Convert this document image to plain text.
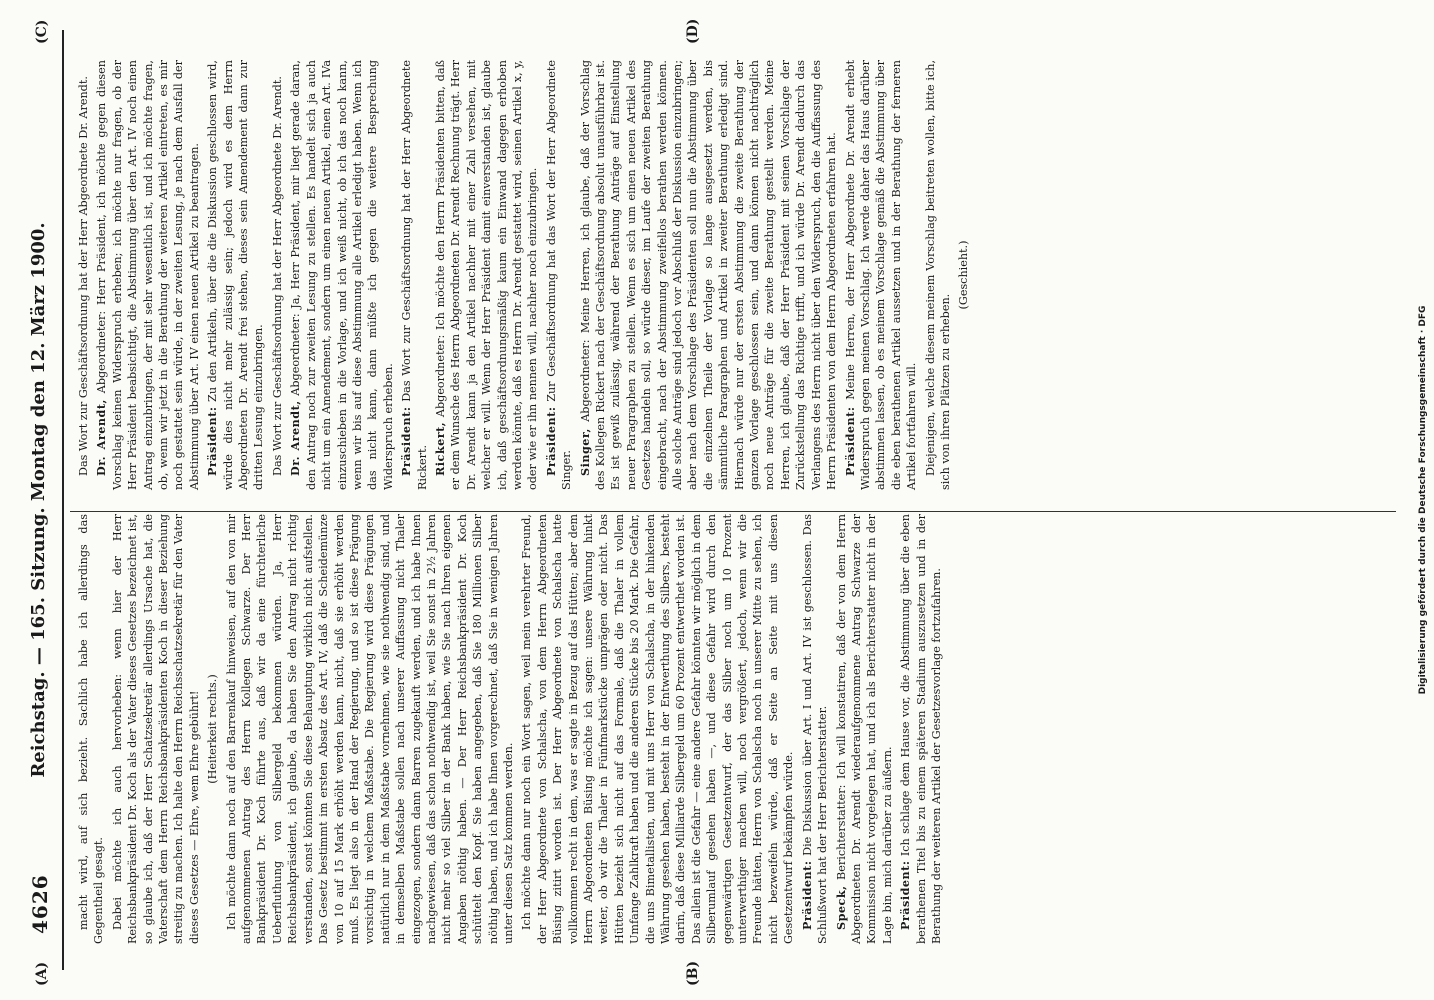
4626
Reichstag. — 165. Sitzung. Montag den 12. März 1900.
(A)	(B)
(C)	(D)

macht wird, auf sich bezieht. Sachlich habe ich allerdings das Gegentheil gesagt. Dabei möchte ich auch hervorheben: wenn hier der Herr Reichsbankpräsident Dr. Koch als der Vater dieses Gesetzes bezeichnet ist, so glaube ich, daß der Herr Schatzsekretär allerdings Ursache hat, die Vaterschaft dem Herrn Reichsbankpräsidenten Koch in dieser Beziehung streitig zu machen. Ich halte den Herrn Reichsschatzsekretär für den Vater dieses Gesetzes — Ehre, wem Ehre gebührt! (Heiterkeit rechts.) Ich möchte dann noch auf den Barrenkauf hinweisen, auf den von mir aufgenommenen Antrag des Herrn Kollegen Schwarze. Der Herr Bankpräsident Dr. Koch führte aus, daß wir da eine fürchterliche Ueberfluthung von Silbergeld bekommen würden. Ja, Herr Reichsbankpräsident, ich glaube, da haben Sie den Antrag nicht richtig verstanden, sonst könnten Sie diese Behauptung wirklich nicht aufstellen. Das Gesetz bestimmt im ersten Absatz des Art. IV, daß die Scheidemünze von 10 auf 15 Mark erhöht werden kann, nicht, daß sie erhöht werden muß. Es liegt also in der Hand der Regierung, und so ist diese Prägung vorsichtig in welchem Maßstabe. Die Regierung wird diese Prägungen natürlich nur in dem Maßstabe vornehmen, wie sie nothwendig sind, und in demselben Maßstabe sollen nach unserer Auffassung nicht Thaler eingezogen, sondern dann Barren zugekauft werden, und ich habe Ihnen nachgewiesen, daß das schon nothwendig ist, weil Sie sonst in 2½ Jahren nicht mehr so viel Silber in der Bank haben, wie Sie nach Ihren eigenen Angaben nöthig haben. — Der Herr Reichsbankpräsident Dr. Koch schüttelt den Kopf. Sie haben angegeben, daß Sie 180 Millionen Silber nöthig haben, und ich habe Ihnen vorgerechnet, daß Sie in wenigen Jahren unter diesen Satz kommen werden. Ich möchte dann nur noch ein Wort sagen, weil mein verehrter Freund, der Herr Abgeordnete von Schalscha, von dem Herrn Abgeordneten Büsing zitirt worden ist. Der Herr Abgeordnete von Schalscha hatte vollkommen recht in dem, was er sagte in Bezug auf das Hütten; aber dem Herrn Abgeordneten Büsing möchte ich sagen: unsere Währung hinkt weiter, ob wir die Thaler in Fünfmarkstücke umprägen oder nicht. Das Hütten bezieht sich nicht auf das Formale, daß die Thaler in vollem Umfange Zahlkraft haben und die anderen Stücke bis 20 Mark. Die Gefahr, die uns Bimetallisten, und mit uns Herr von Schalscha, in der hinkenden Währung gesehen haben, besteht in der Entwerthung des Silbers, besteht darin, daß diese Milliarde Silbergeld um 60 Prozent entwerthet worden ist. Das allein ist die Gefahr — eine andere Gefahr könnten wir möglich in dem Silberumlauf gesehen haben —, und diese Gefahr wird durch den gegenwärtigen Gesetzentwurf, der das Silber noch um 10 Prozent unterwerthiger machen will, noch vergrößert, jedoch, wenn wir die Freunde hätten, Herrn von Schalscha noch in unserer Mitte zu sehen, ich nicht bezweifeln würde, daß er Seite an Seite mit uns diesen Gesetzentwurf bekämpfen würde. Präsident: Die Diskussion über Art. I und Art. IV ist geschlossen. Das Schlußwort hat der Herr Berichterstatter. Speck, Berichterstatter: Ich will konstatiren, daß der von dem Herrn Abgeordneten Dr. Arendt wiederaufgenommene Antrag Schwarze der Kommission nicht vorgelegen hat, und ich als Berichterstatter nicht in der Lage bin, mich darüber zu äußern. Präsident: Ich schlage dem Hause vor, die Abstimmung über die eben berathenen Titel bis zu einem späteren Stadium auszusetzen und in der Berathung der weiteren Artikel der Gesetzesvorlage fortzufahren.

Das Wort zur Geschäftsordnung hat der Herr Abgeordnete Dr. Arendt. Dr. Arendt, Abgeordneter: Herr Präsident, ich möchte gegen diesen Vorschlag keinen Widerspruch erheben; ich möchte nur fragen, ob der Herr Präsident beabsichtigt, die Abstimmung über den Art. IV noch einen Antrag einzubringen, der mit sehr wesentlich ist, und ich möchte fragen, ob, wenn wir jetzt in die Berathung der weiteren Artikel eintreten, es mir noch gestattet sein würde, in der zweiten Lesung, je nach dem Ausfall der Abstimmung über Art. IV einen neuen Artikel zu beantragen. Präsident: Zu den Artikeln, über die die Diskussion geschlossen wird, würde dies nicht mehr zulässig sein; jedoch wird es dem Herrn Abgeordneten Dr. Arendt frei stehen, dieses sein Amendement dann zur dritten Lesung einzubringen. Das Wort zur Geschäftsordnung hat der Herr Abgeordnete Dr. Arendt. Dr. Arendt, Abgeordneter: Ja, Herr Präsident, mir liegt gerade daran, den Antrag noch zur zweiten Lesung zu stellen. Es handelt sich ja auch nicht um ein Amendement, sondern um einen neuen Artikel, einen Art. IVa einzuschieben in die Vorlage, und ich weiß nicht, ob ich das noch kann, wenn wir bis auf diese Abstimmung alle Artikel erledigt haben. Wenn ich das nicht kann, dann müßte ich gegen die weitere Besprechung Widerspruch erheben. Präsident: Das Wort zur Geschäftsordnung hat der Herr Abgeordnete Rickert. Rickert, Abgeordneter: Ich möchte den Herrn Präsidenten bitten, daß er dem Wunsche des Herrn Abgeordneten Dr. Arendt Rechnung trägt. Herr Dr. Arendt kann ja den Artikel nachher mit einer Zahl versehen, mit welcher er will. Wenn der Herr Präsident damit einverstanden ist, glaube ich, daß geschäftsordnungsmäßig kaum ein Einwand dagegen erhoben werden könnte, daß es Herrn Dr. Arendt gestattet wird, seinen Artikel x, y, oder wie er ihn nennen will, nachher noch einzubringen. Präsident: Zur Geschäftsordnung hat das Wort der Herr Abgeordnete Singer. Singer, Abgeordneter: Meine Herren, ich glaube, daß der Vorschlag des Kollegen Rickert nach der Geschäftsordnung absolut unausführbar ist. Es ist gewiß zulässig, während der Berathung Anträge auf Einstellung neuer Paragraphen zu stellen. Wenn es sich um einen neuen Artikel des Gesetzes handeln soll, so würde dieser, im Laufe der zweiten Berathung eingebracht, nach der Abstimmung zweifellos berathen werden können. Alle solche Anträge sind jedoch vor Abschluß der Diskussion einzubringen; aber nach dem Vorschlage des Präsidenten soll nun die Abstimmung über die einzelnen Theile der Vorlage so lange ausgesetzt werden, bis sämmtliche Paragraphen und Artikel in zweiter Berathung erledigt sind. Hiernach würde nur der ersten Abstimmung die zweite Berathung der ganzen Vorlage geschlossen sein, und dann können nicht nachträglich noch neue Anträge für die zweite Berathung gestellt werden. Meine Herren, ich glaube, daß der Herr Präsident mit seinen Vorschlage der Zurückstellung das Richtige trifft, und ich würde Dr. Arendt dadurch das Verlangens des Herrn nicht über den Widerspruch, den die Auffassung des Herrn Präsidenten von dem Herrn Abgeordneten erfahren hat. Präsident: Meine Herren, der Herr Abgeordnete Dr. Arendt erhebt Widerspruch gegen meinen Vorschlag. Ich werde daher das Haus darüber abstimmen lassen, ob es meinem Vorschlage gemäß die Abstimmung über die eben berathenen Artikel aussetzen und in der Berathung der ferneren Artikel fortfahren will. Diejenigen, welche diesem meinem Vorschlag beitreten wollen, bitte ich, sich von ihren Plätzen zu erheben.

(Geschieht.)

Digitalisierung gefördert durch die Deutsche Forschungsgemeinschaft · DFG
